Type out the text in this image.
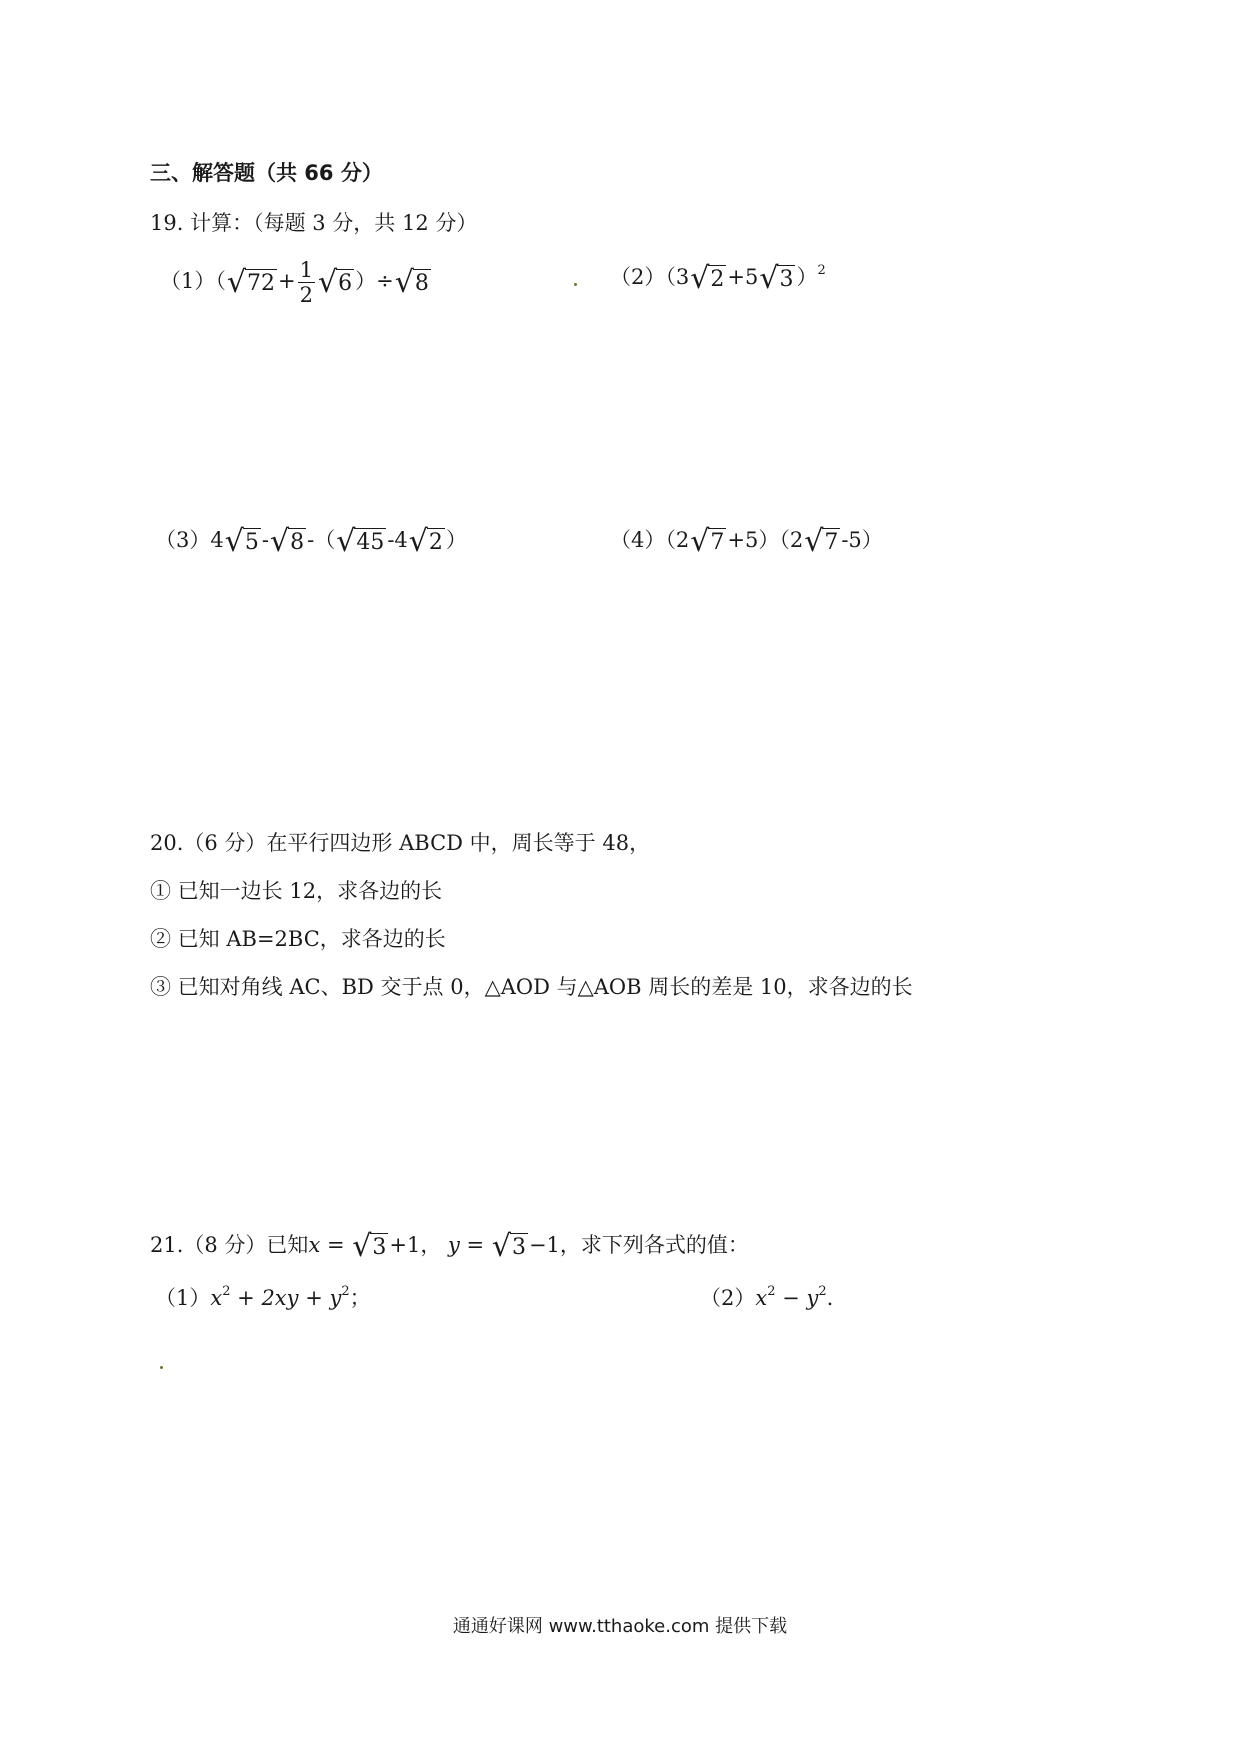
三、解答题（共 66 分）
19. 计算：（每题 3 分，共 12 分）
（1）（ √ $72 + \frac{1}{2}$ √ 6 ）÷ √ 8	（2）（3 √ 2 +5 √ 3 ）$^2$
（3）4 √ 5 - √ 8 -（ √ 45 -4 √ 2 ）	（4）（2 √ 7 +5）（2 √ 7 -5）
20.（6 分）在平行四边形 ABCD 中，周长等于 48，
① 已知一边长 12，求各边的长
② 已知 AB=2BC，求各边的长
③ 已知对角线 AC、BD 交于点 0，△AOD 与△AOB 周长的差是 10，求各边的长
21.（8 分）已知x = √ 3 +1， y = √ 3 −1，求下列各式的值：
$(1)x^2 + 2xy + y^2$；	$(2)x^2 - y^2$.
通通好课网 www.tthaoke.com 提供下载
